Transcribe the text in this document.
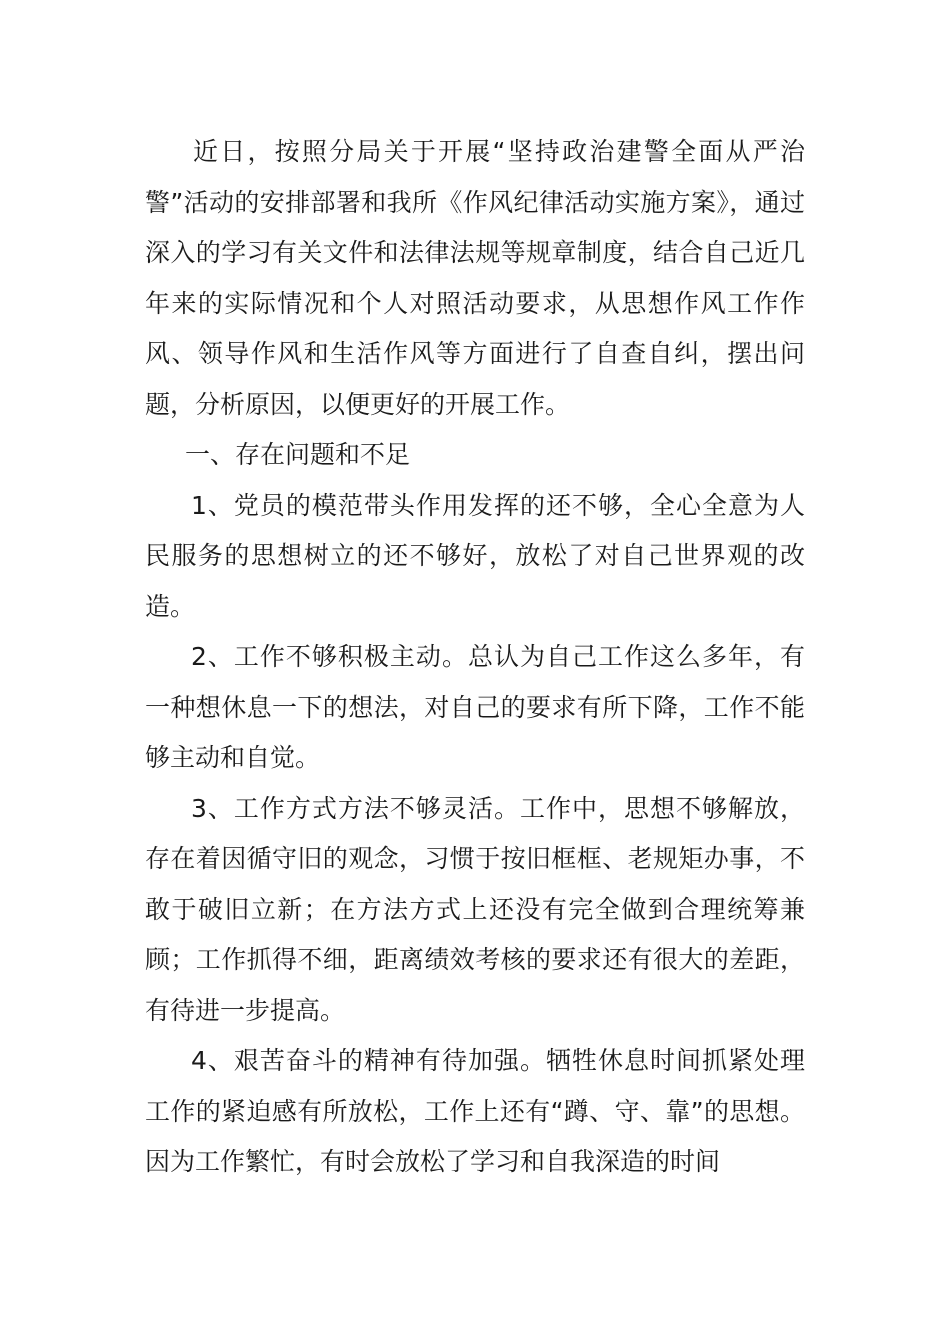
近日，按照分局关于开展“坚持政治建警全面从严治警”活动的安排部署和我所《作风纪律活动实施方案》，通过深入的学习有关文件和法律法规等规章制度，结合自己近几年来的实际情况和个人对照活动要求，从思想作风工作作风、领导作风和生活作风等方面进行了自查自纠，摆出问题，分析原因，以便更好的开展工作。

一、存在问题和不足

1、党员的模范带头作用发挥的还不够，全心全意为人民服务的思想树立的还不够好，放松了对自己世界观的改造。

2、工作不够积极主动。总认为自己工作这么多年，有一种想休息一下的想法，对自己的要求有所下降，工作不能够主动和自觉。

3、工作方式方法不够灵活。工作中，思想不够解放，存在着因循守旧的观念，习惯于按旧框框、老规矩办事，不敢于破旧立新；在方法方式上还没有完全做到合理统筹兼顾；工作抓得不细，距离绩效考核的要求还有很大的差距，有待进一步提高。

4、艰苦奋斗的精神有待加强。牺牲休息时间抓紧处理工作的紧迫感有所放松，工作上还有“蹲、守、靠”的思想。因为工作繁忙，有时会放松了学习和自我深造的时间
